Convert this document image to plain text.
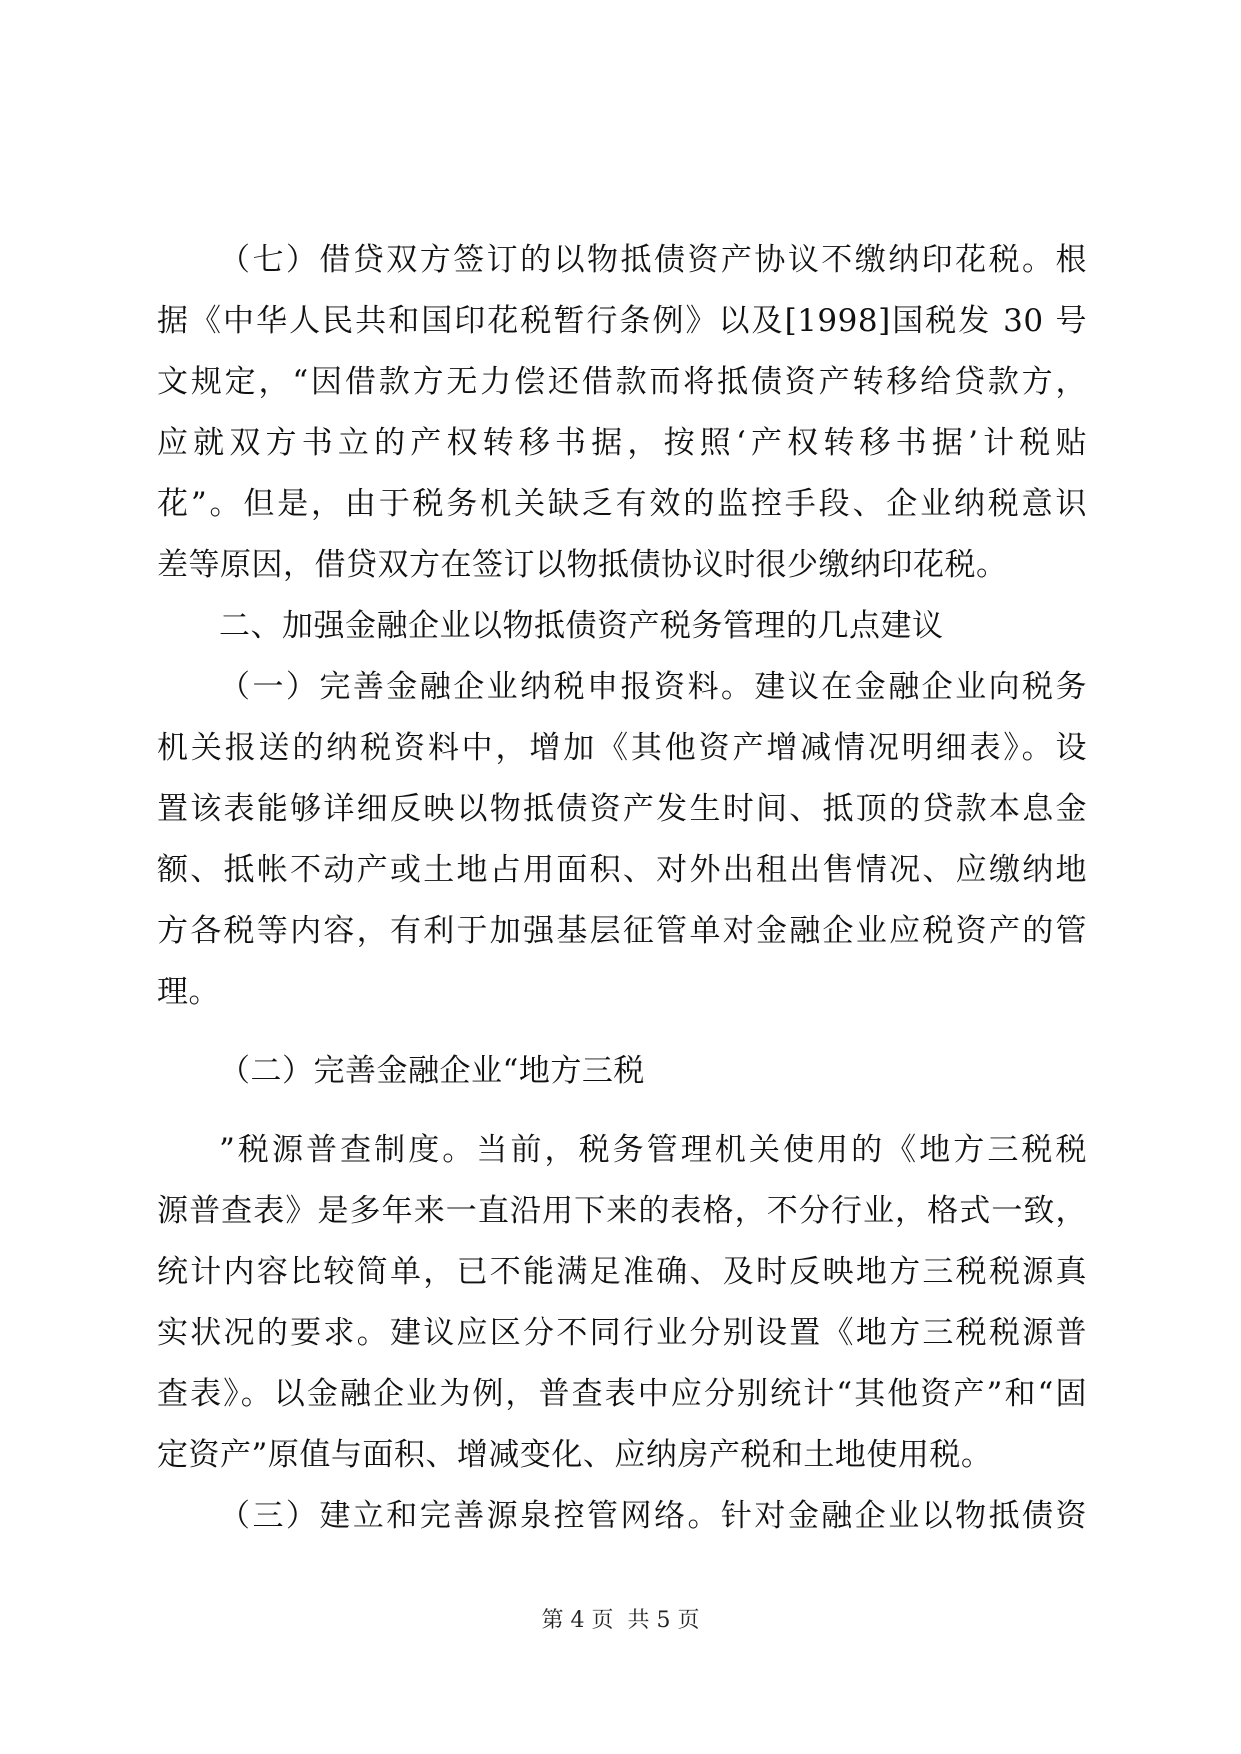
（七）借贷双方签订的以物抵债资产协议不缴纳印花税。根
据《中华人民共和国印花税暂行条例》以及[1998]国税发 30 号
文规定，“因借款方无力偿还借款而将抵债资产转移给贷款方，
应就双方书立的产权转移书据，按照‘产权转移书据’计税贴
花”。但是，由于税务机关缺乏有效的监控手段、企业纳税意识
差等原因，借贷双方在签订以物抵债协议时很少缴纳印花税。
二、加强金融企业以物抵债资产税务管理的几点建议
（一）完善金融企业纳税申报资料。建议在金融企业向税务
机关报送的纳税资料中，增加《其他资产增减情况明细表》。设
置该表能够详细反映以物抵债资产发生时间、抵顶的贷款本息金
额、抵帐不动产或土地占用面积、对外出租出售情况、应缴纳地
方各税等内容，有利于加强基层征管单对金融企业应税资产的管
理。
（二）完善金融企业“地方三税
”税源普查制度。当前，税务管理机关使用的《地方三税税
源普查表》是多年来一直沿用下来的表格，不分行业，格式一致，
统计内容比较简单，已不能满足准确、及时反映地方三税税源真
实状况的要求。建议应区分不同行业分别设置《地方三税税源普
查表》。以金融企业为例，普查表中应分别统计“其他资产”和“固
定资产”原值与面积、增减变化、应纳房产税和土地使用税。
（三）建立和完善源泉控管网络。针对金融企业以物抵债资
第 4 页  共 5 页
